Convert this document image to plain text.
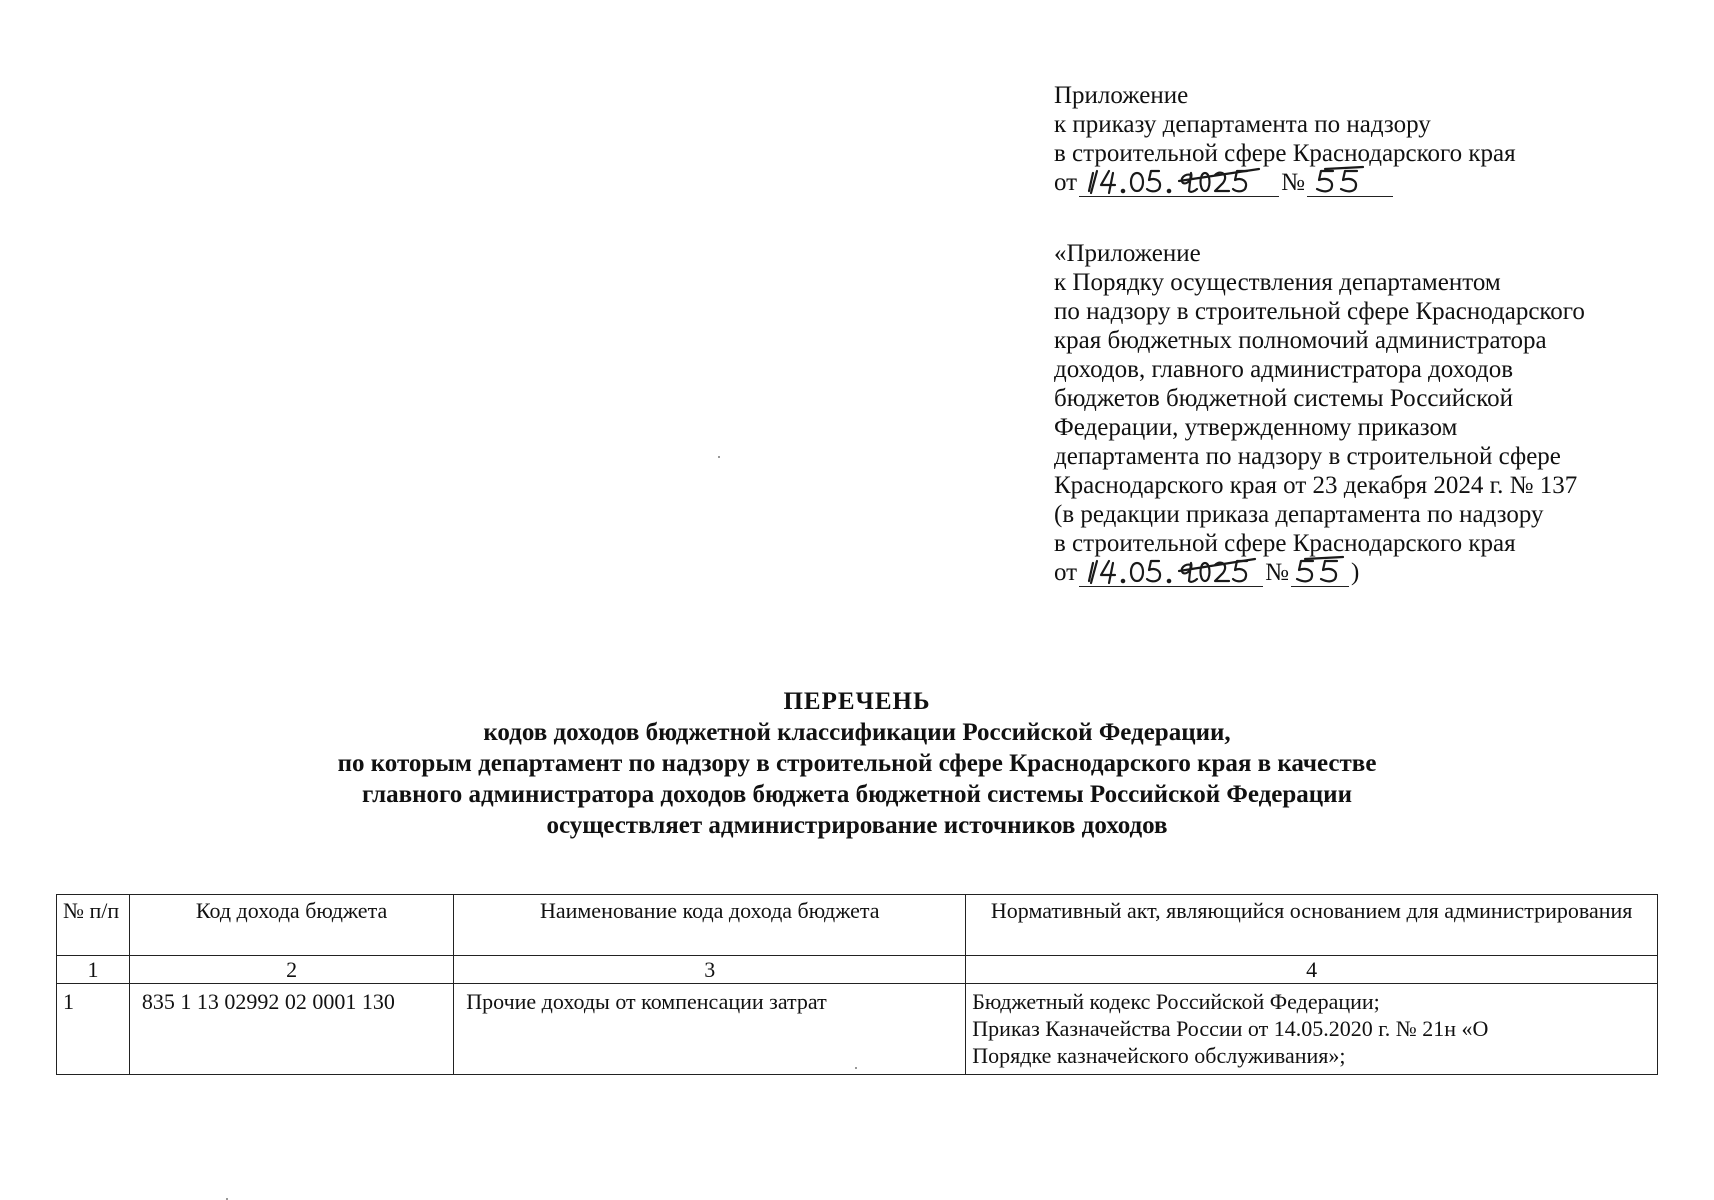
Приложение
к приказу департамента по надзору
в строительной сфере Краснодарского края
от	№
«Приложение
к Порядку осуществления департаментом
по надзору в строительной сфере Краснодарского
края бюджетных полномочий администратора
доходов, главного администратора доходов
бюджетов бюджетной системы Российской
Федерации, утвержденному приказом
департамента по надзору в строительной сфере
Краснодарского края от 23 декабря 2024 г. № 137
(в редакции приказа департамента по надзору
в строительной сфере Краснодарского края
от	№ )
ПЕРЕЧЕНЬ
кодов доходов бюджетной классификации Российской Федерации,
по которым департамент по надзору в строительной сфере Краснодарского края в качестве
главного администратора доходов бюджета бюджетной системы Российской Федерации
осуществляет администрирование источников доходов
№ п/п	Код дохода бюджета	Наименование кода дохода бюджета	Нормативный акт, являющийся основанием для администрирования
1	2	3	4
1	835 1 13 02992 02 0001 130	Прочие доходы от компенсации затрат	Бюджетный кодекс Российской Федерации;
Приказ Казначейства России от 14.05.2020 г. № 21н «О
Порядке казначейского обслуживания»;
